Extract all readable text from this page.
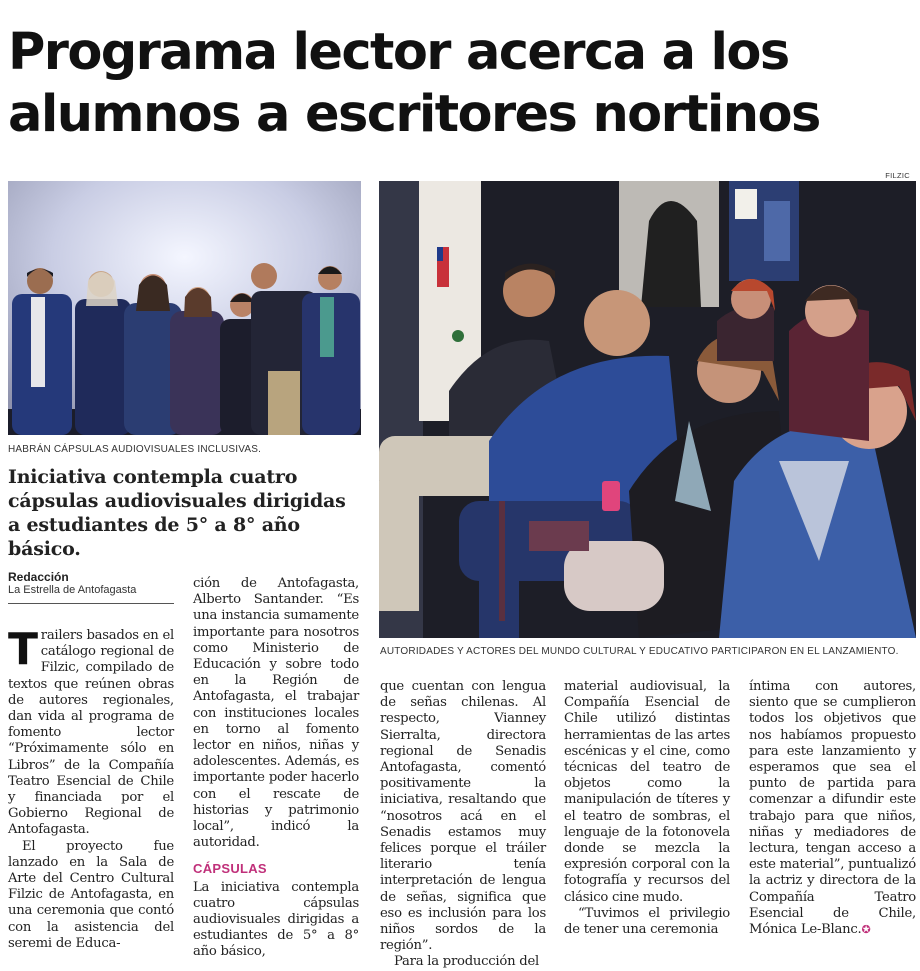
Programa lector acerca a los alumnos a escritores nortinos
FILZIC
HABRÁN CÁPSULAS AUDIOVISUALES INCLUSIVAS.
Iniciativa contempla cuatro cápsulas audiovisuales dirigidas a estudiantes de 5° a 8° año básico.
Redacción
La Estrella de Antofagasta
AUTORIDADES Y ACTORES DEL MUNDO CULTURAL Y EDUCATIVO PARTICIPARON EN EL LANZAMIENTO.
T railers basados en el catálogo regional de Filzic, compilado de textos que reúnen obras de autores regionales, dan vida al programa de fomento lector “Próximamente sólo en Libros” de la Compañía Teatro Esencial de Chile y financiada por el Gobierno Regional de Antofagasta.

El proyecto fue lanzado en la Sala de Arte del Centro Cultural Filzic de Antofagasta, en una ceremonia que contó con la asistencia del seremi de Educa-

ción de Antofagasta, Alberto Santander. “Es una instancia sumamente importante para nosotros como Ministerio de Educación y sobre todo en la Región de Antofagasta, el trabajar con instituciones locales en torno al fomento lector en niños, niñas y adolescentes. Además, es importante poder hacerlo con el rescate de historias y patrimonio local”, indicó la autoridad.

CÁPSULAS

La iniciativa contempla cuatro cápsulas audiovisuales dirigidas a estudiantes de 5° a 8° año básico,

que cuentan con lengua de señas chilenas. Al respecto, Vianney Sierralta, directora regional de Senadis Antofagasta, comentó positivamente la iniciativa, resaltando que “nosotros acá en el Senadis estamos muy felices porque el tráiler literario tenía interpretación de lengua de señas, significa que eso es inclusión para los niños sordos de la región”.

Para la producción del

material audiovisual, la Compañía Esencial de Chile utilizó distintas herramientas de las artes escénicas y el cine, como técnicas del teatro de objetos como la manipulación de títeres y el teatro de sombras, el lenguaje de la fotonovela donde se mezcla la expresión corporal con la fotografía y recursos del clásico cine mudo.

“Tuvimos el privilegio de tener una ceremonia

íntima con autores, siento que se cumplieron todos los objetivos que nos habíamos propuesto para este lanzamiento y esperamos que sea el punto de partida para comenzar a difundir este trabajo para que niños, niñas y mediadores de lectura, tengan acceso a este material”, puntualizó la actriz y directora de la Compañía Teatro Esencial de Chile, Mónica Le-Blanc.✪
